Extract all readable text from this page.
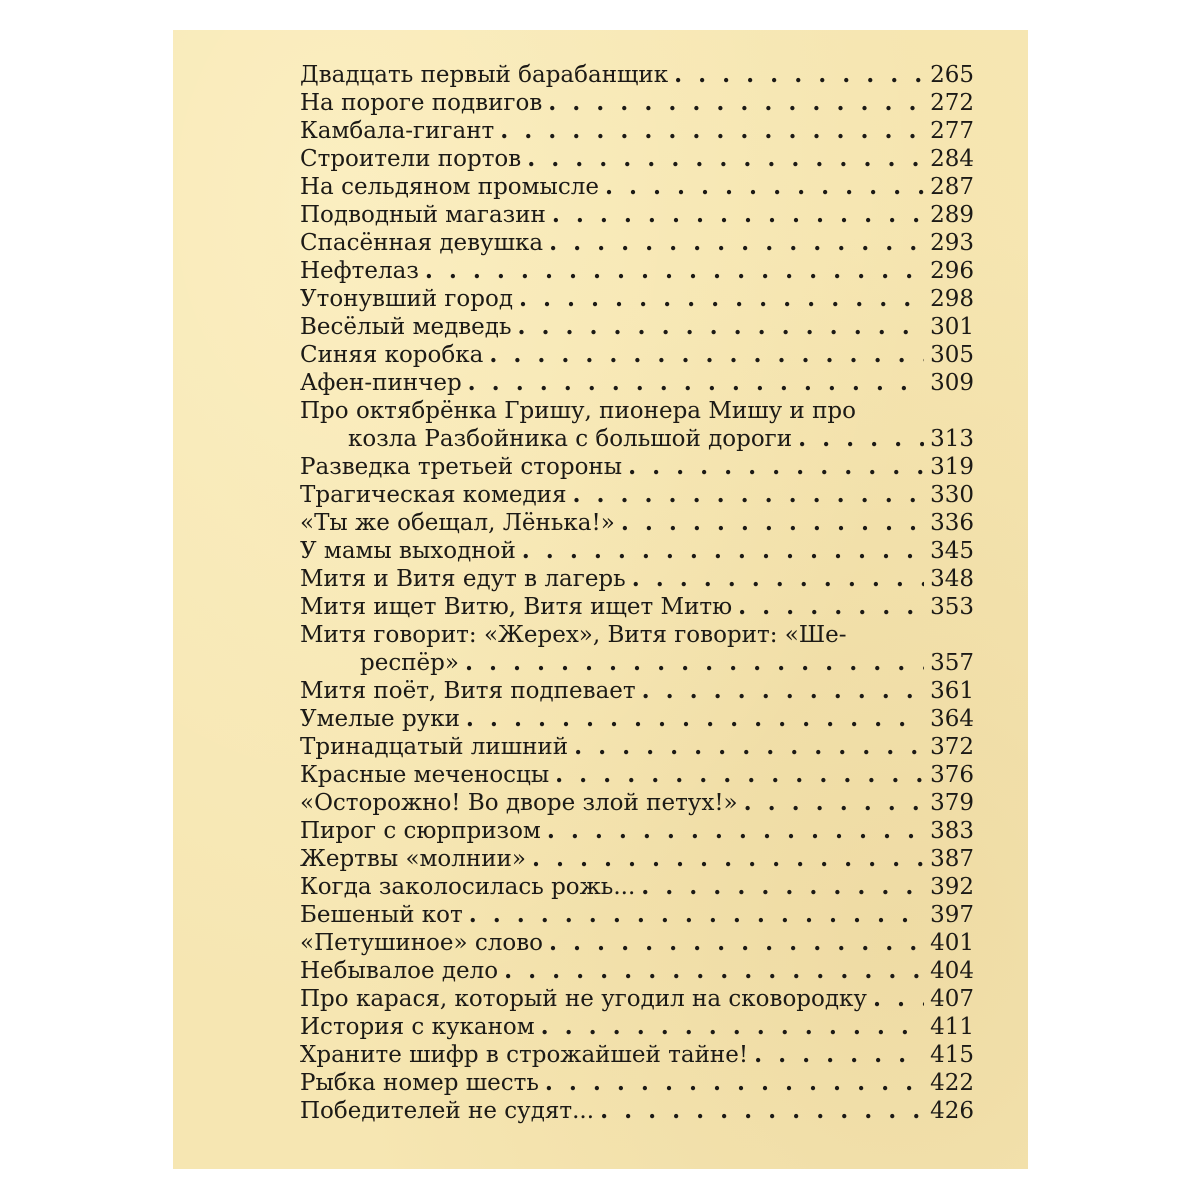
Двадцать первый барабанщик . . .	265
На пороге подвигов . . .	272
Камбала-гигант . . .	277
Строители портов . . .	284
На сельдяном промысле . . .	287
Подводный магазин . . .	289
Спасённая девушка . . .	293
Нефтелаз . . .	296
Утонувший город . . .	298
Весёлый медведь . . .	301
Синяя коробка . . .	305
Афен-пинчер . . .	309
Про октябрёнка Гришу, пионера Мишу и про
козла Разбойника с большой дороги . . .	313
Разведка третьей стороны . . .	319
Трагическая комедия . . .	330
«Ты же обещал, Лёнька!» . . .	336
У мамы выходной . . .	345
Митя и Витя едут в лагерь . . .	348
Митя ищет Витю, Витя ищет Митю . . .	353
Митя говорит: «Жерех», Витя говорит: «Ше-
респёр» . . .	357
Митя поёт, Витя подпевает . . .	361
Умелые руки . . .	364
Тринадцатый лишний . . .	372
Красные меченосцы . . .	376
«Осторожно! Во дворе злой петух!» . . .	379
Пирог с сюрпризом . . .	383
Жертвы «молнии» . . .	387
Когда заколосилась рожь... . . .	392
Бешеный кот . . .	397
«Петушиное» слово . . .	401
Небывалое дело . . .	404
Про карася, который не угодил на сковородку . . .	407
История с куканом . . .	411
Храните шифр в строжайшей тайне! . . .	415
Рыбка номер шесть . . .	422
Победителей не судят... . . .	426
